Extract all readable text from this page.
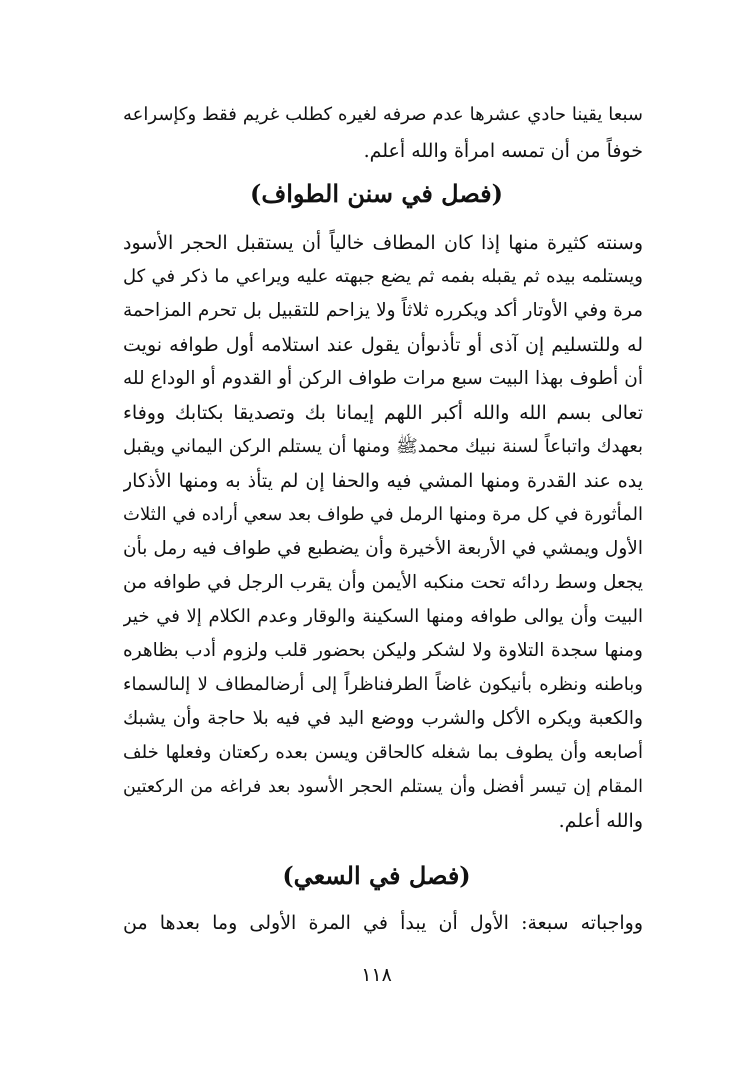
سبعا يقينا حادي عشرها عدم صرفه لغيره كطلب غريم فقط وكإسراعه
خوفاً من أن تمسه امرأة والله أعلم.
(فصل في سنن الطواف)
وسنته كثيرة منها إذا كان المطاف خالياً أن يستقبل الحجر الأسود
ويستلمه بيده ثم يقبله بفمه ثم يضع جبهته عليه ويراعي ما ذكر في كل
مرة وفي الأوتار أكد ويكرره ثلاثاً ولا يزاحم للتقبيل بل تحرم المزاحمة
له وللتسليم إن آذى أو تأذىوأن يقول عند استلامه أول طوافه نويت
أن أطوف بهذا البيت سبع مرات طواف الركن أو القدوم أو الوداع لله
تعالى بسم الله والله أكبر اللهم إيمانا بك وتصديقا بكتابك ووفاء
بعهدك واتباعاً لسنة نبيك محمدﷺ ومنها أن يستلم الركن اليماني ويقبل
يده عند القدرة ومنها المشي فيه والحفا إن لم يتأذ به ومنها الأذكار
المأثورة في كل مرة ومنها الرمل في طواف بعد سعي أراده في الثلاث
الأول ويمشي في الأربعة الأخيرة وأن يضطبع في طواف فيه رمل بأن
يجعل وسط ردائه تحت منكبه الأيمن وأن يقرب الرجل في طوافه من
البيت وأن يوالى طوافه ومنها السكينة والوقار وعدم الكلام إلا في خير
ومنها سجدة التلاوة ولا لشكر وليكن بحضور قلب ولزوم أدب بظاهره
وباطنه ونظره بأنيكون غاضاً الطرفناظراً إلى أرضالمطاف لا إلىالسماء
والكعبة ويكره الأكل والشرب ووضع اليد في فيه بلا حاجة وأن يشبك
أصابعه وأن يطوف بما شغله كالحاقن ويسن بعده ركعتان وفعلها خلف
المقام إن تيسر أفضل وأن يستلم الحجر الأسود بعد فراغه من الركعتين
والله أعلم.
(فصل في السعي)
وواجباته سبعة: الأول أن يبدأ في المرة الأولى وما بعدها من
١١٨
